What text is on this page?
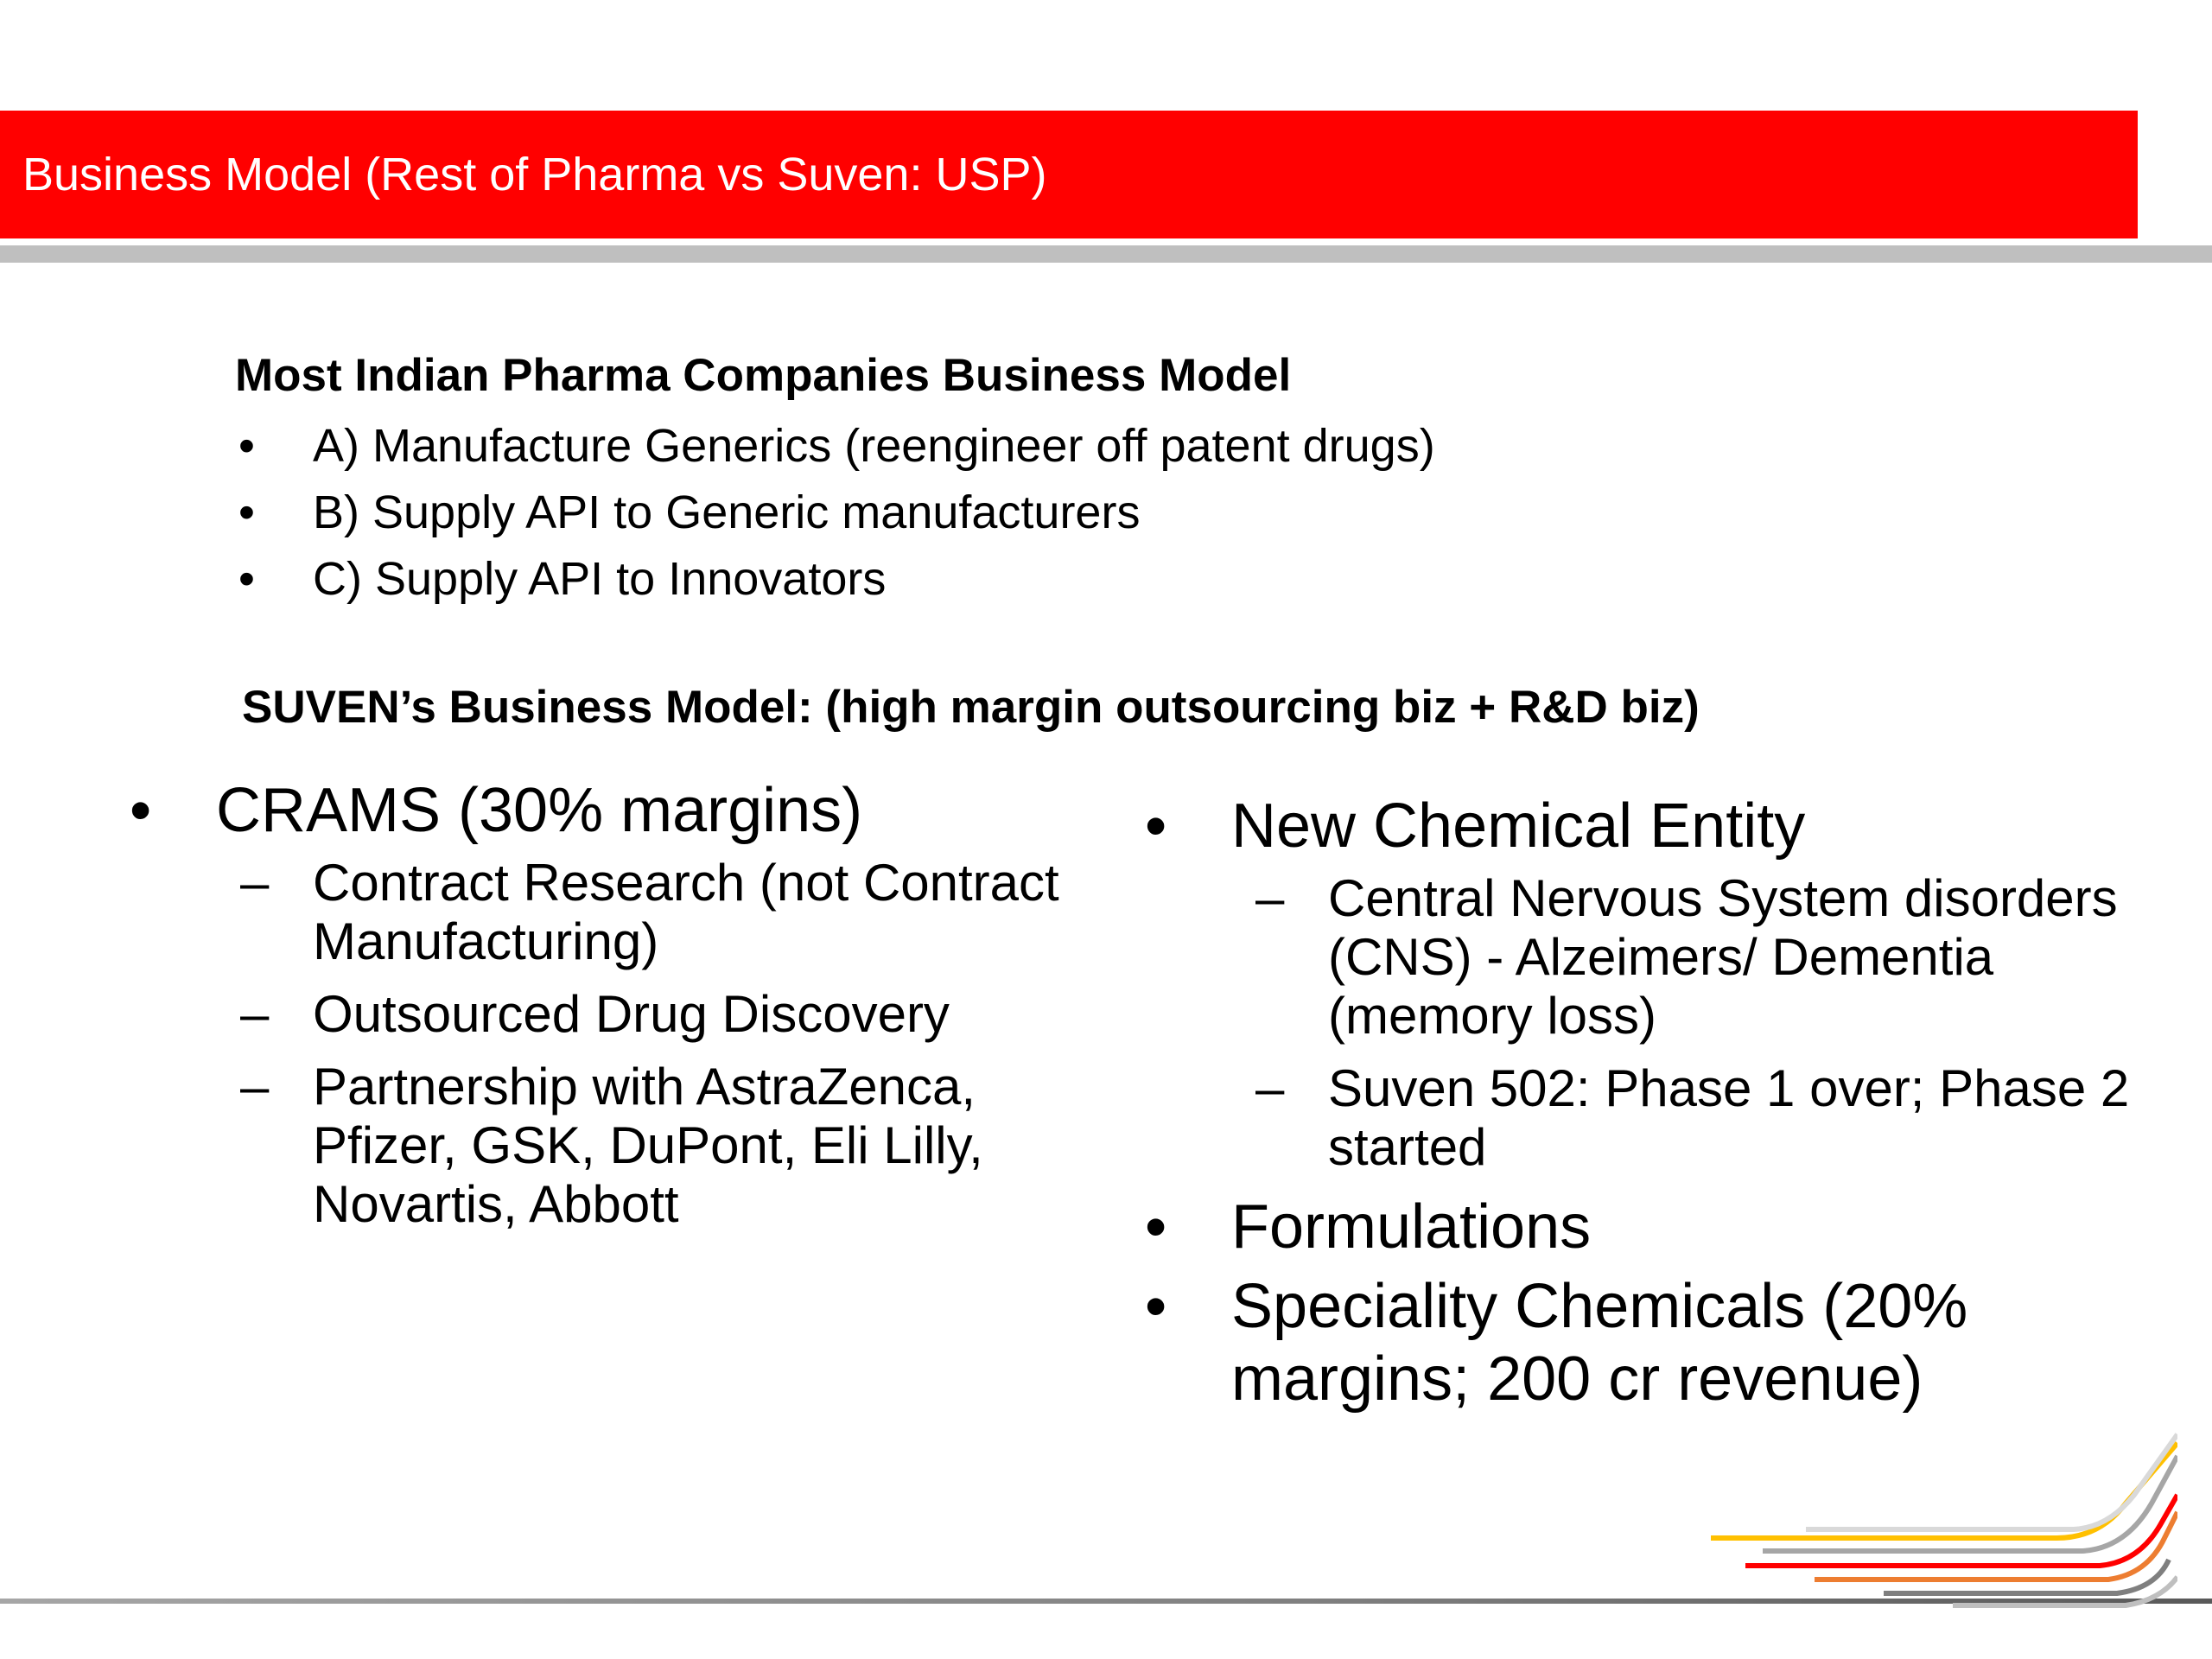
Business Model (Rest of Pharma vs Suven: USP)
Most Indian Pharma Companies Business Model
• A) Manufacture Generics (reengineer off patent drugs)
• B) Supply API to Generic manufacturers
• C) Supply API to Innovators
SUVEN’s Business Model: (high margin outsourcing biz + R&D biz)
• CRAMS (30% margins)
– Contract Research (not Contract Manufacturing)
– Outsourced Drug Discovery
– Partnership with AstraZenca, Pfizer, GSK, DuPont, Eli Lilly, Novartis, Abbott
• New Chemical Entity
– Central Nervous System disorders (CNS) - Alzeimers/ Dementia (memory loss)
– Suven 502: Phase 1 over; Phase 2 started
• Formulations
• Speciality Chemicals (20% margins; 200 cr revenue)
